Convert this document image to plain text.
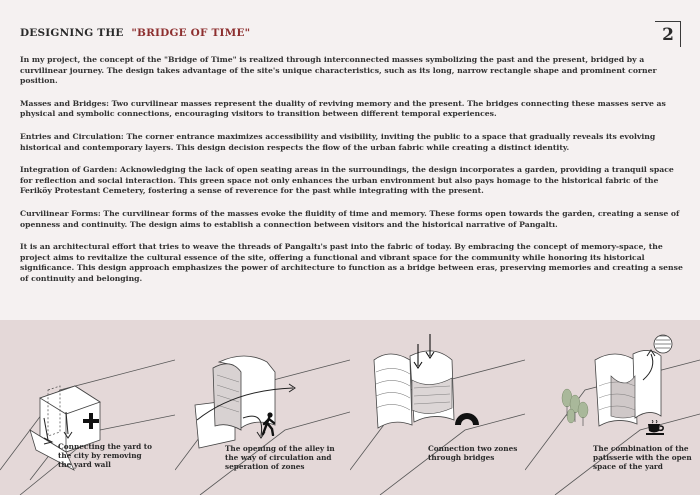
DESIGNING THE "BRIDGE OF TIME"	2

In my project, the concept of the "Bridge of Time" is realized through interconnected masses symbolizing the past and the present, bridged by a curvilinear journey. The design takes advantage of the site's unique characteristics, such as its long, narrow rectangle shape and prominent corner position.

Masses and Bridges: Two curvilinear masses represent the duality of reviving memory and the present. The bridges connecting these masses serve as physical and symbolic connections, encouraging visitors to transition between different temporal experiences.

Entries and Circulation: The corner entrance maximizes accessibility and visibility, inviting the public to a space that gradually reveals its evolving historical and contemporary layers. This design decision respects the flow of the urban fabric while creating a distinct identity.

Integration of Garden: Acknowledging the lack of open seating areas in the surroundings, the design incorporates a garden, providing a tranquil space for reflection and social interaction. This green space not only enhances the urban environment but also pays homage to the historical fabric of the Feriköy Protestant Cemetery, fostering a sense of reverence for the past while integrating with the present.

Curvilinear Forms: The curvilinear forms of the masses evoke the fluidity of time and memory. These forms open towards the garden, creating a sense of openness and continuity. The design aims to establish a connection between visitors and the historical narrative of Pangaltı.

It is an architectural effort that tries to weave the threads of Pangaltı's past into the fabric of today. By embracing the concept of memory-space, the project aims to revitalize the cultural essence of the site, offering a functional and vibrant space for the community while honoring its historical significance. This design approach emphasizes the power of architecture to function as a bridge between eras, preserving memories and creating a sense of continuity and belonging.

Connecting the yard to
the city by removing
the yard wall
The opening of the alley in
the way of circulation and
seperation of zones
Connection two zones
through bridges
The combination of the
patisserie with the open
space of the yard
